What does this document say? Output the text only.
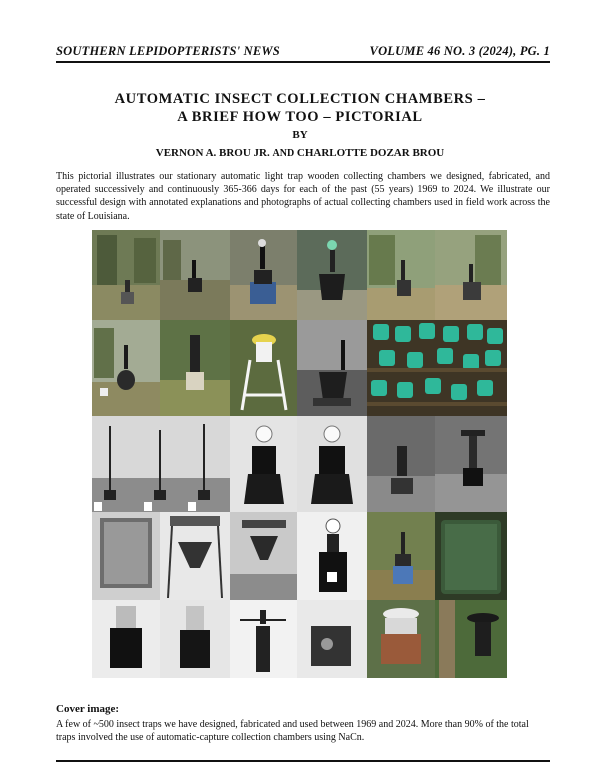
SOUTHERN LEPIDOPTERISTS' NEWS	VOLUME 46 NO. 3 (2024), PG. 1
AUTOMATIC INSECT COLLECTION CHAMBERS –
A BRIEF HOW TOO – PICTORIAL
BY
VERNON A. BROU JR. AND CHARLOTTE DOZAR BROU
This pictorial illustrates our stationary automatic light trap wooden collecting chambers we designed, fabricated, and operated successively and continuously 365-366 days for each of the past (55 years) 1969 to 2024. We illustrate our successful design with annotated explanations and photographs of actual collecting chambers used in field work across the state of Louisiana.
Cover image:
A few of ~500 insect traps we have designed, fabricated and used between 1969 and 2024. More than 90% of the total traps involved the use of automatic-capture collection chambers using NaCn.
